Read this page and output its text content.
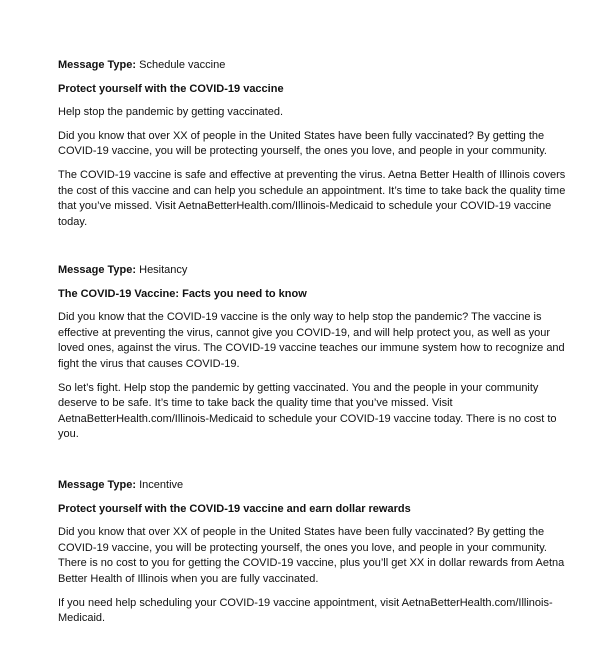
Message Type: Schedule vaccine
Protect yourself with the COVID-19 vaccine

Help stop the pandemic by getting vaccinated.

Did you know that over XX of people in the United States have been fully vaccinated? By getting the COVID-19 vaccine, you will be protecting yourself, the ones you love, and people in your community.

The COVID-19 vaccine is safe and effective at preventing the virus. Aetna Better Health of Illinois covers the cost of this vaccine and can help you schedule an appointment. It’s time to take back the quality time that you’ve missed. Visit AetnaBetterHealth.com/Illinois-Medicaid to schedule your COVID-19 vaccine today.

Message Type: Hesitancy
The COVID-19 Vaccine: Facts you need to know

Did you know that the COVID-19 vaccine is the only way to help stop the pandemic? The vaccine is effective at preventing the virus, cannot give you COVID-19, and will help protect you, as well as your loved ones, against the virus. The COVID-19 vaccine teaches our immune system how to recognize and fight the virus that causes COVID-19.

So let’s fight. Help stop the pandemic by getting vaccinated. You and the people in your community deserve to be safe. It’s time to take back the quality time that you’ve missed. Visit AetnaBetterHealth.com/Illinois-Medicaid to schedule your COVID-19 vaccine today. There is no cost to you.

Message Type: Incentive
Protect yourself with the COVID-19 vaccine and earn dollar rewards

Did you know that over XX of people in the United States have been fully vaccinated? By getting the COVID-19 vaccine, you will be protecting yourself, the ones you love, and people in your community. There is no cost to you for getting the COVID-19 vaccine, plus you’ll get XX in dollar rewards from Aetna Better Health of Illinois when you are fully vaccinated.

If you need help scheduling your COVID-19 vaccine appointment, visit AetnaBetterHealth.com/Illinois-Medicaid.
